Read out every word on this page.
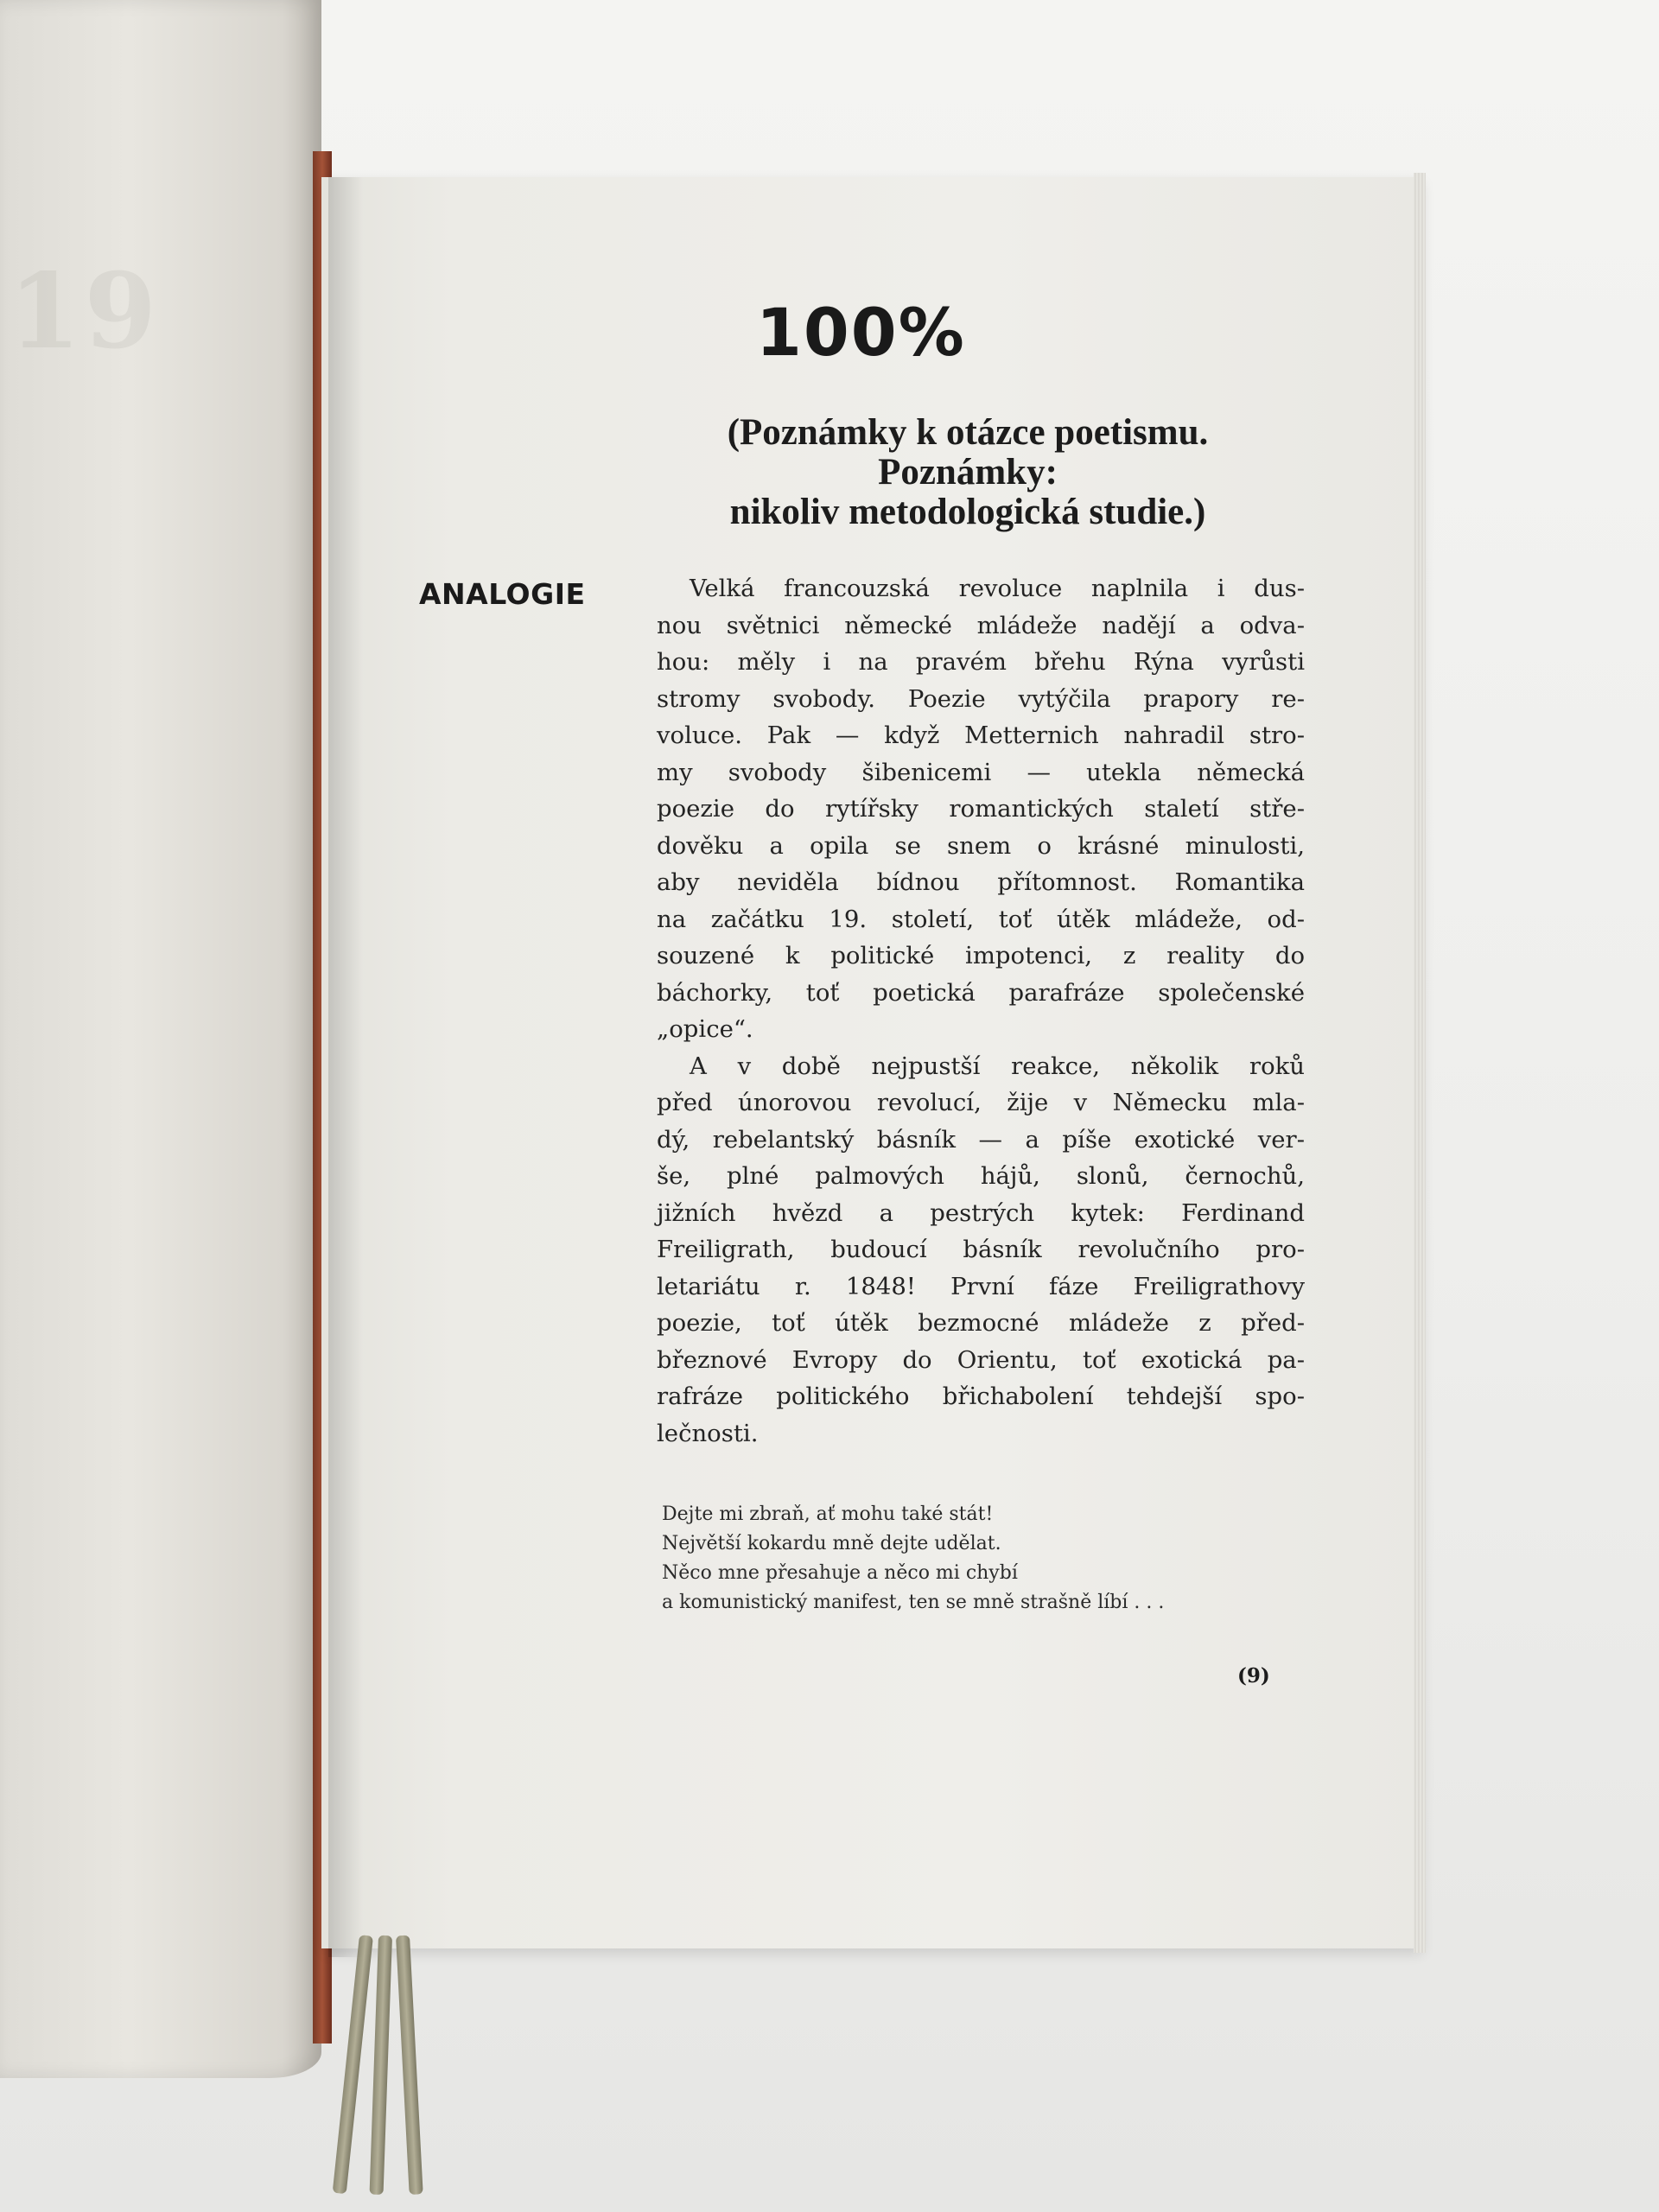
19	100%
(Poznámky k otázce poetismu.
Poznámky:
nikoliv metodologická studie.)
ANALOGIE	Velká francouzská revoluce naplnila i dus-
nou světnici německé mládeže nadějí a odva-
hou: měly i na pravém břehu Rýna vyrůsti
stromy svobody. Poezie vytýčila prapory re-
voluce. Pak — když Metternich nahradil stro-
my svobody šibenicemi — utekla německá
poezie do rytířsky romantických staletí stře-
dověku a opila se snem o krásné minulosti,
aby neviděla bídnou přítomnost. Romantika
na začátku 19. století, toť útěk mládeže, od-
souzené k politické impotenci, z reality do
báchorky, toť poetická parafráze společenské
„opice“.
A v době nejpustší reakce, několik roků
před únorovou revolucí, žije v Německu mla-
dý, rebelantský básník — a píše exotické ver-
še, plné palmových hájů, slonů, černochů,
jižních hvězd a pestrých kytek: Ferdinand
Freiligrath, budoucí básník revolučního pro-
letariátu r. 1848! První fáze Freiligrathovy
poezie, toť útěk bezmocné mládeže z před-
březnové Evropy do Orientu, toť exotická pa-
rafráze politického břichabolení tehdejší spo-
lečnosti.
Dejte mi zbraň, ať mohu také stát!
Největší kokardu mně dejte udělat.
Něco mne přesahuje a něco mi chybí
a komunistický manifest, ten se mně strašně líbí . . .
(9)
